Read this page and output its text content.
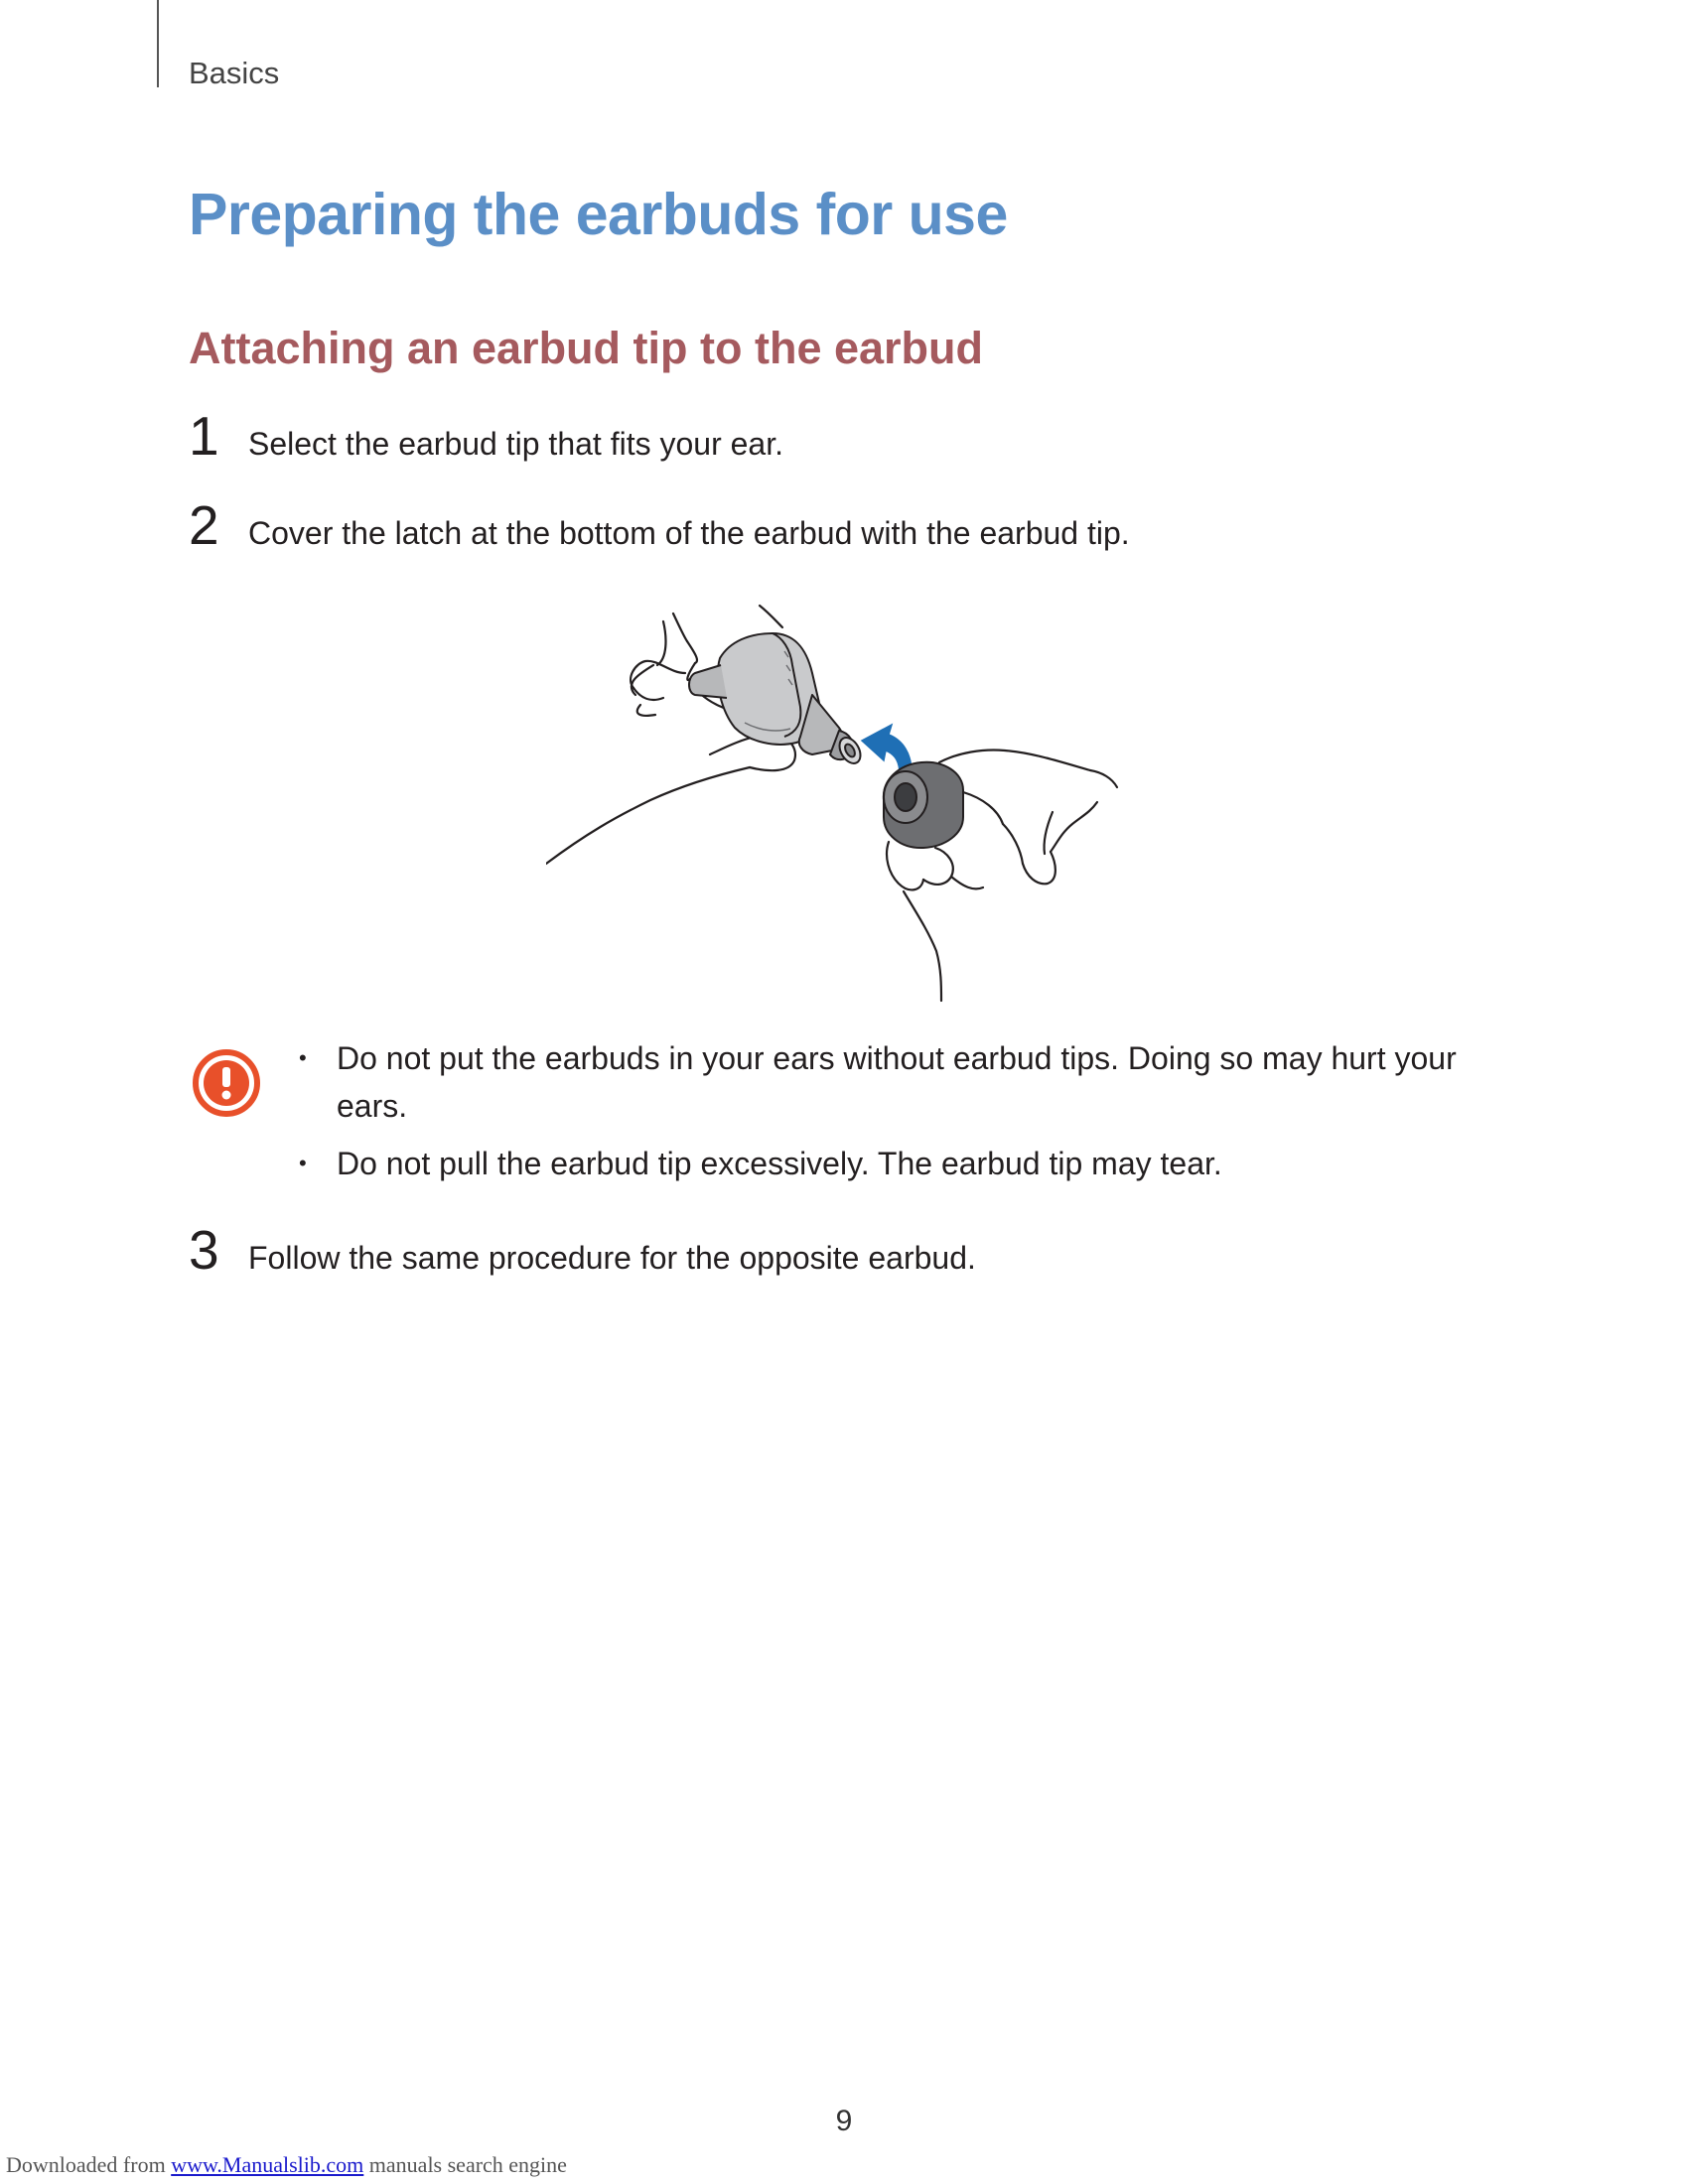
Basics
Preparing the earbuds for use
Attaching an earbud tip to the earbud
1 Select the earbud tip that fits your ear.
2 Cover the latch at the bottom of the earbud with the earbud tip.
• Do not put the earbuds in your ears without earbud tips. Doing so may hurt your ears.
• Do not pull the earbud tip excessively. The earbud tip may tear.
3 Follow the same procedure for the opposite earbud.
9
Downloaded from www.Manualslib.com manuals search engine
